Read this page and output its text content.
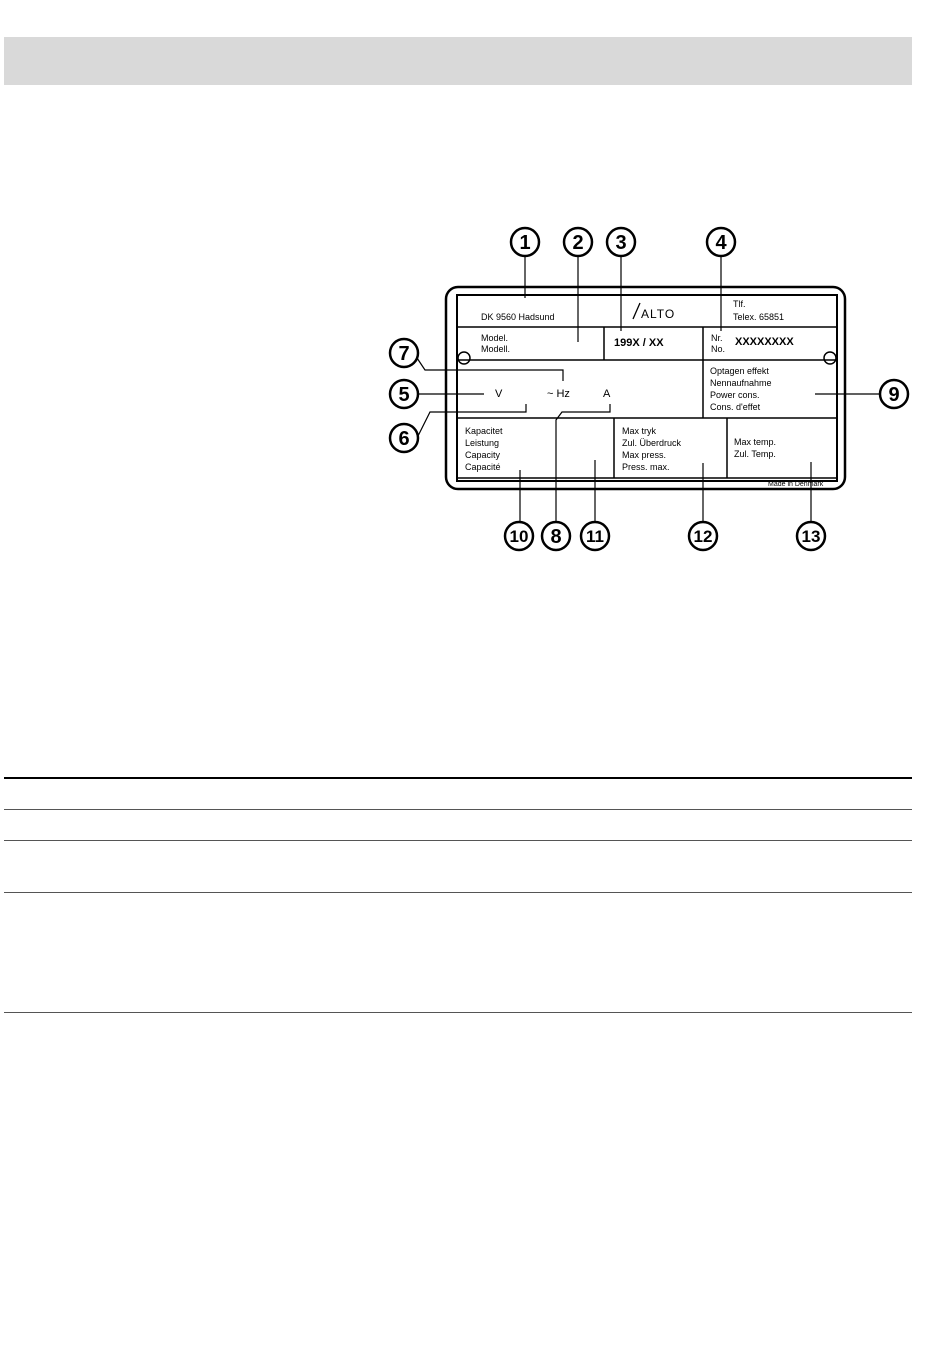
1 2 3	4
5
6
7
8
9
10	11	12	13
DK 9560 Hadsund	ALTO
Tlf.
Telex. 65851
Model.
Modell.	199X / XX	Nr.
No.
XXXXXXXX
V	~ Hz	A
Optagen effekt
Nennaufnahme
Power cons.
Cons. d'effet
Kapacitet
Leistung
Capacity
Capacité
Max tryk
Zul. Überdruck
Max press.
Press. max.
Max temp.
Zul. Temp.
Made in Denmark
